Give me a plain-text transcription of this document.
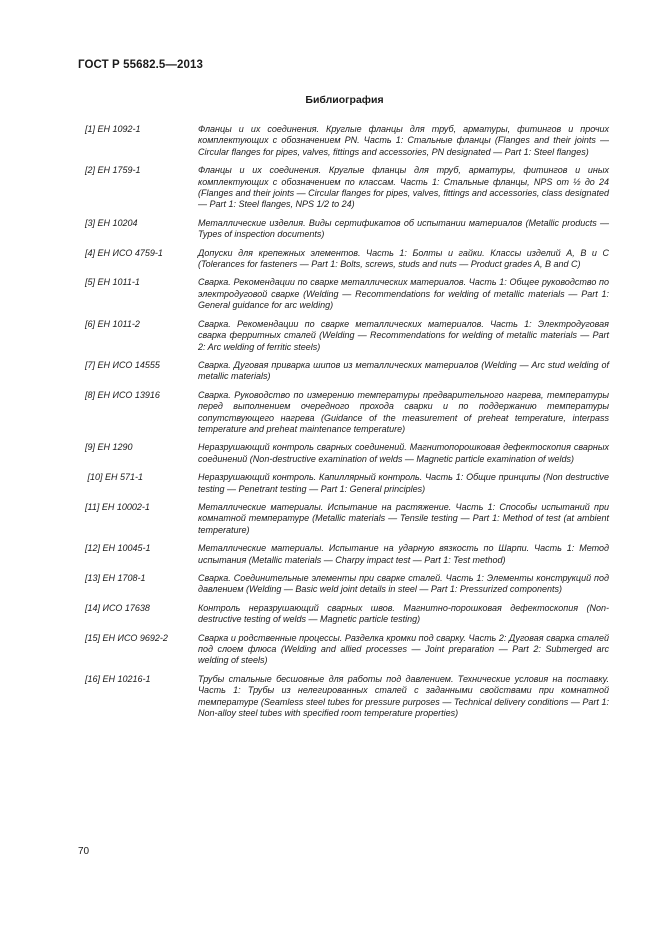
ГОСТ Р 55682.5—2013
Библиография
[1] ЕН 1092-1	Фланцы и их соединения. Круглые фланцы для труб, арматуры, фитингов и прочих комплектующих с обозначением PN. Часть 1: Стальные фланцы (Flanges and their joints — Circular flanges for pipes, valves, fittings and accessories, PN designated — Part 1: Steel flanges)
[2] ЕН 1759-1	Фланцы и их соединения. Круглые фланцы для труб, арматуры, фитингов и иных комплектующих с обозначением по классам. Часть 1: Стальные фланцы, NPS от ½ до 24 (Flanges and their joints — Circular flanges for pipes, valves, fittings and accessories, class designated — Part 1: Steel flanges, NPS 1/2 to 24)
[3] ЕН 10204	Металлические изделия. Виды сертификатов об испытании материалов (Metallic products — Types of inspection documents)
[4] ЕН ИСО 4759-1	Допуски для крепежных элементов. Часть 1: Болты и гайки. Классы изделий А, В и С (Tolerances for fasteners — Part 1: Bolts, screws, studs and nuts — Product grades A, B and C)
[5] ЕН 1011-1	Сварка. Рекомендации по сварке металлических материалов. Часть 1: Общее руководство по электродуговой сварке (Welding — Recommendations for welding of metallic materials — Part 1: General guidance for arc welding)
[6] ЕН 1011-2	Сварка. Рекомендации по сварке металлических материалов. Часть 1: Электродуговая сварка ферритных сталей (Welding — Recommendations for welding of metallic materials — Part 2: Arc welding of ferritic steels)
[7] ЕН ИСО 14555	Сварка. Дуговая приварка шипов из металлических материалов (Welding — Arc stud welding of metallic materials)
[8] ЕН ИСО 13916	Сварка. Руководство по измерению температуры предварительного нагрева, температуры перед выполнением очередного прохода сварки и по поддержанию температуры сопутствующего нагрева (Guidance of the measurement of preheat temperature, interpass temperature and preheat maintenance temperature)
[9] ЕН 1290	Неразрушающий контроль сварных соединений. Магнитопорошковая дефектоскопия сварных соединений (Non-destructive examination of welds — Magnetic particle examination of welds)
[10] ЕН 571-1	Неразрушающий контроль. Капиллярный контроль. Часть 1: Общие принципы (Non destructive testing — Penetrant testing — Part 1: General principles)
[11] ЕН 10002-1	Металлические материалы. Испытание на растяжение. Часть 1: Способы испытаний при комнатной температуре (Metallic materials — Tensile testing — Part 1: Method of test (at ambient temperature)
[12] ЕН 10045-1	Металлические материалы. Испытание на ударную вязкость по Шарпи. Часть 1: Метод испытания (Metallic materials — Charpy impact test — Part 1: Test method)
[13] ЕН 1708-1	Сварка. Соединительные элементы при сварке сталей. Часть 1: Элементы конструкций под давлением (Welding — Basic weld joint details in steel — Part 1: Pressurized components)
[14] ИСО 17638	Контроль неразрушающий сварных швов. Магнитно-порошковая дефектоскопия (Non-destructive testing of welds — Magnetic particle testing)
[15] ЕН ИСО 9692-2	Сварка и родственные процессы. Разделка кромки под сварку. Часть 2: Дуговая сварка сталей под слоем флюса (Welding and allied processes — Joint preparation — Part 2: Submerged arc welding of steels)
[16] ЕН 10216-1	Трубы стальные бесшовные для работы под давлением. Технические условия на поставку. Часть 1: Трубы из нелегированных сталей с заданными свойствами при комнатной температуре (Seamless steel tubes for pressure purposes — Technical delivery conditions — Part 1: Non-alloy steel tubes with specified room temperature properties)
70
